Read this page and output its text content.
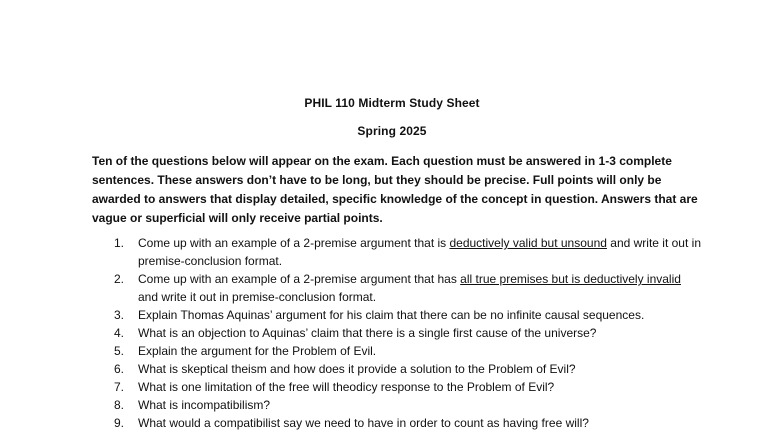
PHIL 110 Midterm Study Sheet
Spring 2025
Ten of the questions below will appear on the exam. Each question must be answered in 1-3 complete sentences. These answers don’t have to be long, but they should be precise. Full points will only be awarded to answers that display detailed, specific knowledge of the concept in question. Answers that are vague or superficial will only receive partial points.
1.	Come up with an example of a 2-premise argument that is deductively valid but unsound and write it out in premise-conclusion format.
2.	Come up with an example of a 2-premise argument that has all true premises but is deductively invalid and write it out in premise-conclusion format.
3.	Explain Thomas Aquinas’ argument for his claim that there can be no infinite causal sequences.
4.	What is an objection to Aquinas’ claim that there is a single first cause of the universe?
5.	Explain the argument for the Problem of Evil.
6.	What is skeptical theism and how does it provide a solution to the Problem of Evil?
7.	What is one limitation of the free will theodicy response to the Problem of Evil?
8.	What is incompatibilism?
9.	What would a compatibilist say we need to have in order to count as having free will?
